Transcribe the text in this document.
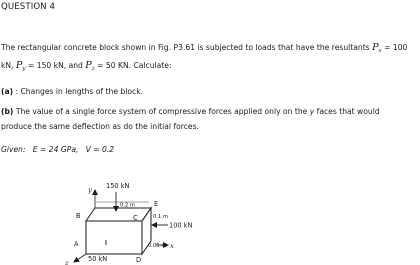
QUESTION 4
The rectangular concrete block shown in Fig. P3.61 is subjected to loads that have the resultants $P_x = 100$
kN, $P_y = 150$ kN, and $P_z = 50$ KN. Calculate:
(a) : Changes in lengths of the block.
(b) The value of a single force system of compressive forces applied only on the y faces that would
produce the same deflection as do the initial forces.
Given: E = 24 GPa, V = 0.2
y
z
x
150 kN
100 kN
50 kN
0.2 m
0.1 m
0.05 m
B	C
E
A
D
